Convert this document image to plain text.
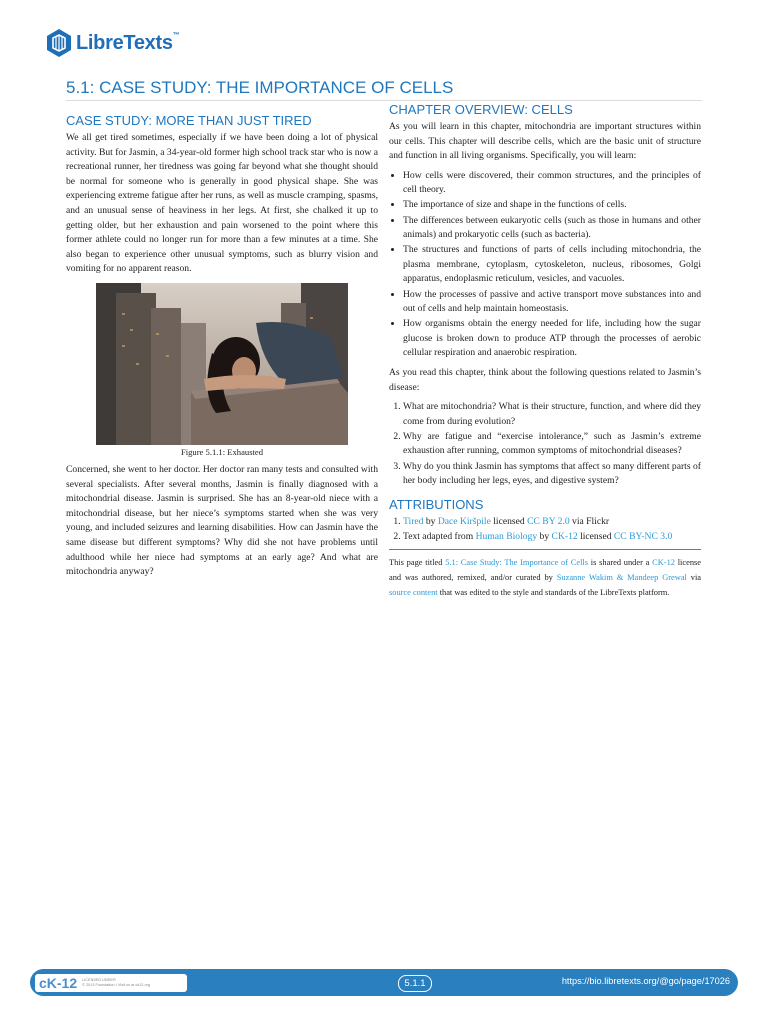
LibreTexts™
5.1: CASE STUDY: THE IMPORTANCE OF CELLS
CASE STUDY: MORE THAN JUST TIRED

We all get tired sometimes, especially if we have been doing a lot of physical activity. But for Jasmin, a 34-year-old former high school track star who is now a recreational runner, her tiredness was going far beyond what she thought should be normal for someone who is generally in good physical shape. She was experiencing extreme fatigue after her runs, as well as muscle cramping, spasms, and an unusual sense of heaviness in her legs. At first, she chalked it up to getting older, but her exhaustion and pain worsened to the point where this former athlete could no longer run for more than a few minutes at a time. She also began to experience other unusual symptoms, such as blurry vision and vomiting for no apparent reason.

Figure 5.1.1: Exhausted

Concerned, she went to her doctor. Her doctor ran many tests and consulted with several specialists. After several months, Jasmin is finally diagnosed with a mitochondrial disease. Jasmin is surprised. She has an 8-year-old niece with a mitochondrial disease, but her niece’s symptoms started when she was very young, and included seizures and learning disabilities. How can Jasmin have the same disease but different symptoms? Why did she not have problems until adulthood while her niece had symptoms at an early age? And what are mitochondria anyway?

CHAPTER OVERVIEW: CELLS

As you will learn in this chapter, mitochondria are important structures within our cells. This chapter will describe cells, which are the basic unit of structure and function in all living organisms. Specifically, you will learn:

• How cells were discovered, their common structures, and the principles of cell theory.
• The importance of size and shape in the functions of cells.
• The differences between eukaryotic cells (such as those in humans and other animals) and prokaryotic cells (such as bacteria).
• The structures and functions of parts of cells including mitochondria, the plasma membrane, cytoplasm, cytoskeleton, nucleus, ribosomes, Golgi apparatus, endoplasmic reticulum, vesicles, and vacuoles.
• How the processes of passive and active transport move substances into and out of cells and help maintain homeostasis.
• How organisms obtain the energy needed for life, including how the sugar glucose is broken down to produce ATP through the processes of aerobic cellular respiration and anaerobic respiration.

As you read this chapter, think about the following questions related to Jasmin’s disease:

1. What are mitochondria? What is their structure, function, and where did they come from during evolution?
2. Why are fatigue and “exercise intolerance,” such as Jasmin’s extreme exhaustion after running, common symptoms of mitochondrial diseases?
3. Why do you think Jasmin has symptoms that affect so many different parts of her body including her legs, eyes, and digestive system?
ATTRIBUTIONS
1. Tired by Dace Kiršpile licensed CC BY 2.0 via Flickr
2. Text adapted from Human Biology by CK-12 licensed CC BY-NC 3.0
This page titled 5.1: Case Study: The Importance of Cells is shared under a CK-12 license and was authored, remixed, and/or curated by Suzanne Wakim & Mandeep Grewal via source content that was edited to the style and standards of the LibreTexts platform.
cK-12 LICENSED UNDER
© 2013 Foundation • Visit us at ck12.org	5.1.1	https://bio.libretexts.org/@go/page/17026
